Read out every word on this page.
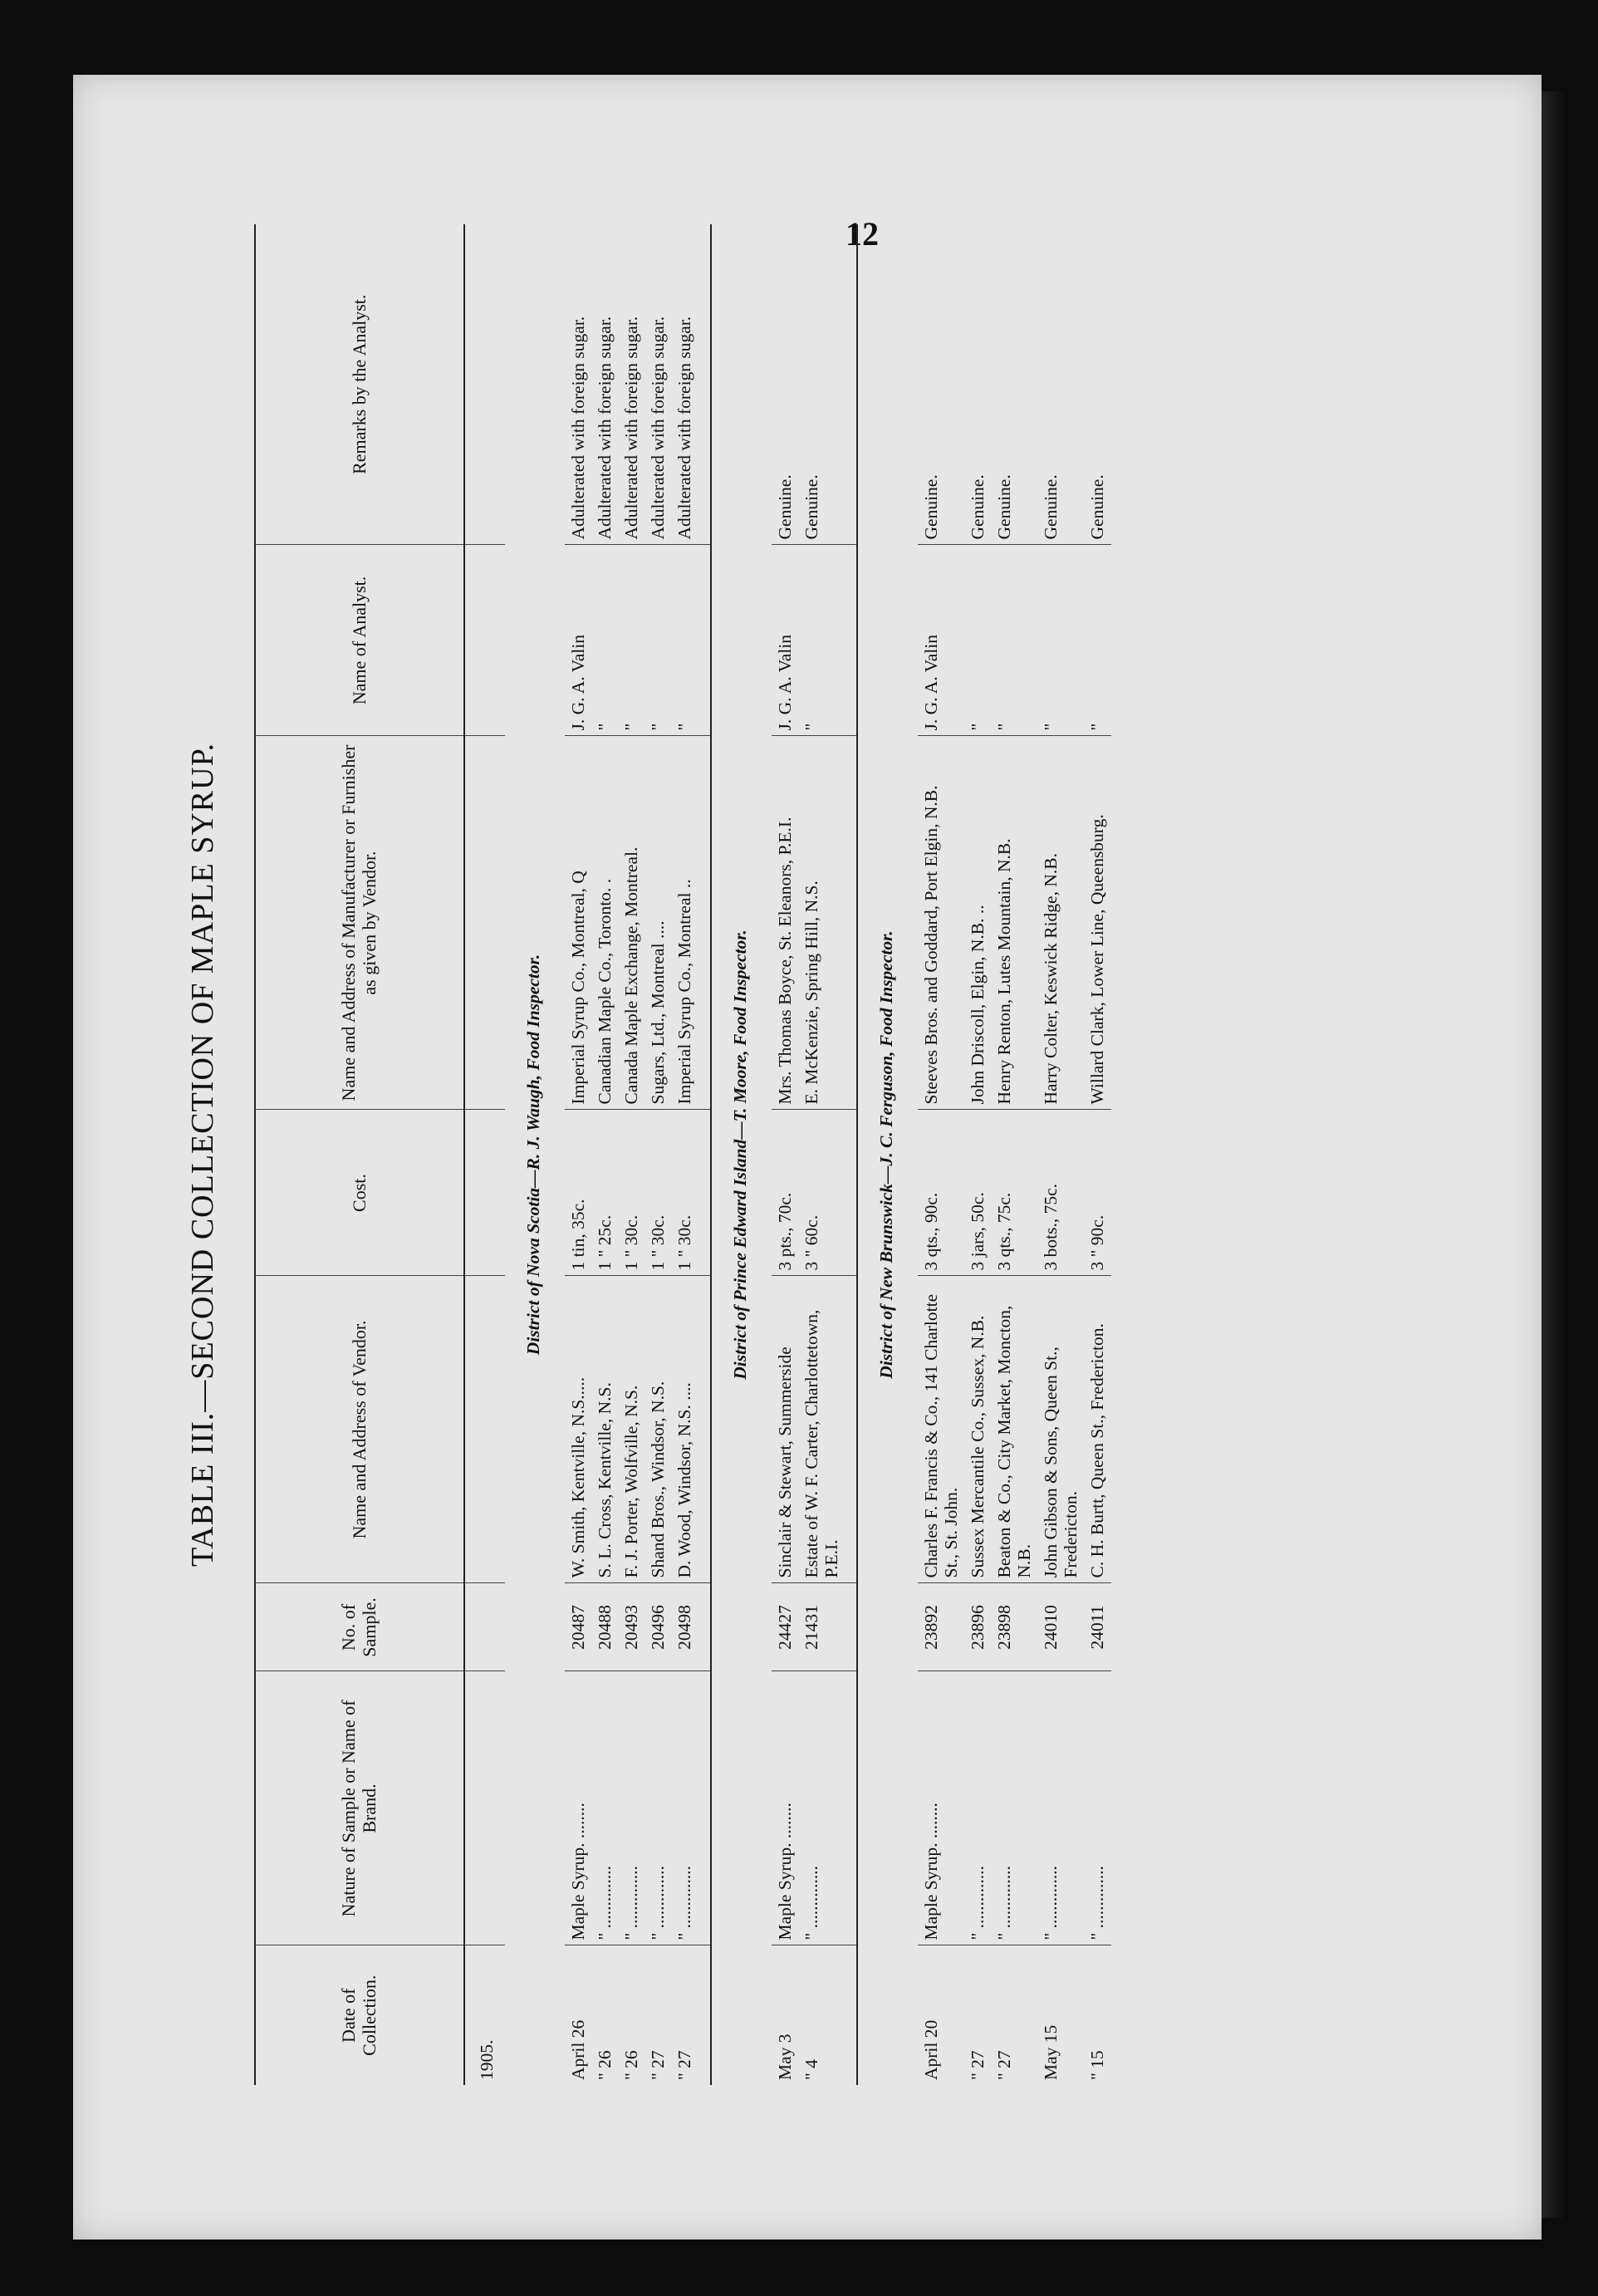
12
TABLE III.—SECOND COLLECTION OF MAPLE SYRUP.
Date of Collection.	Nature of Sample or Name of Brand.	No. of Sample.	Name and Address of Vendor.	Cost.	Name and Address of Manufacturer or Furnisher as given by Vendor.	Name of Analyst.	Remarks by the Analyst.
1905.							
District of Nova Scotia—R. J. Waugh, Food Inspector.							
April 26	Maple Syrup. ........	20487	W. Smith, Kentville, N.S.....	1 tin, 35c.	Imperial Syrup Co., Montreal, Q	J. G. A. Valin	Adulterated with foreign sugar.
" 26	" ..............	20488	S. L. Cross, Kentville, N.S.	1 " 25c.	Canadian Maple Co., Toronto. .	"	Adulterated with foreign sugar.
" 26	" ..............	20493	F. J. Porter, Wolfville, N.S.	1 " 30c.	Canada Maple Exchange, Montreal.	"	Adulterated with foreign sugar.
" 27	" ..............	20496	Shand Bros., Windsor, N.S.	1 " 30c.	Sugars, Ltd., Montreal ....	"	Adulterated with foreign sugar.
" 27	" ..............	20498	D. Wood, Windsor, N.S. ....	1 " 30c.	Imperial Syrup Co., Montreal ..	"	Adulterated with foreign sugar.
District of Prince Edward Island—T. Moore, Food Inspector.							
May 3	Maple Syrup. ........	24427	Sinclair & Stewart, Summerside	3 pts., 70c.	Mrs. Thomas Boyce, St. Eleanors, P.E.I.	J. G. A. Valin	Genuine.
" 4	" ..............	21431	Estate of W. F. Carter, Charlottetown, P.E.I.	3 " 60c.	E. McKenzie, Spring Hill, N.S.	"	Genuine.
District of New Brunswick—J. C. Ferguson, Food Inspector.							
April 20	Maple Syrup. ........	23892	Charles F. Francis & Co., 141 Charlotte St., St. John.	3 qts., 90c.	Steeves Bros. and Goddard, Port Elgin, N.B.	J. G. A. Valin	Genuine.
" 27	" ..............	23896	Sussex Mercantile Co., Sussex, N.B.	3 jars, 50c.	John Driscoll, Elgin, N.B. ..	"	Genuine.
" 27	" ..............	23898	Beaton & Co., City Market, Moncton, N.B.	3 qts., 75c.	Henry Renton, Lutes Mountain, N.B.	"	Genuine.
May 15	" ..............	24010	John Gibson & Sons, Queen St., Fredericton.	3 bots., 75c.	Harry Colter, Keswick Ridge, N.B.	"	Genuine.
" 15	" ..............	24011	C. H. Burtt, Queen St., Fredericton.	3 " 90c.	Willard Clark, Lower Line, Queensburg.	"	Genuine.
